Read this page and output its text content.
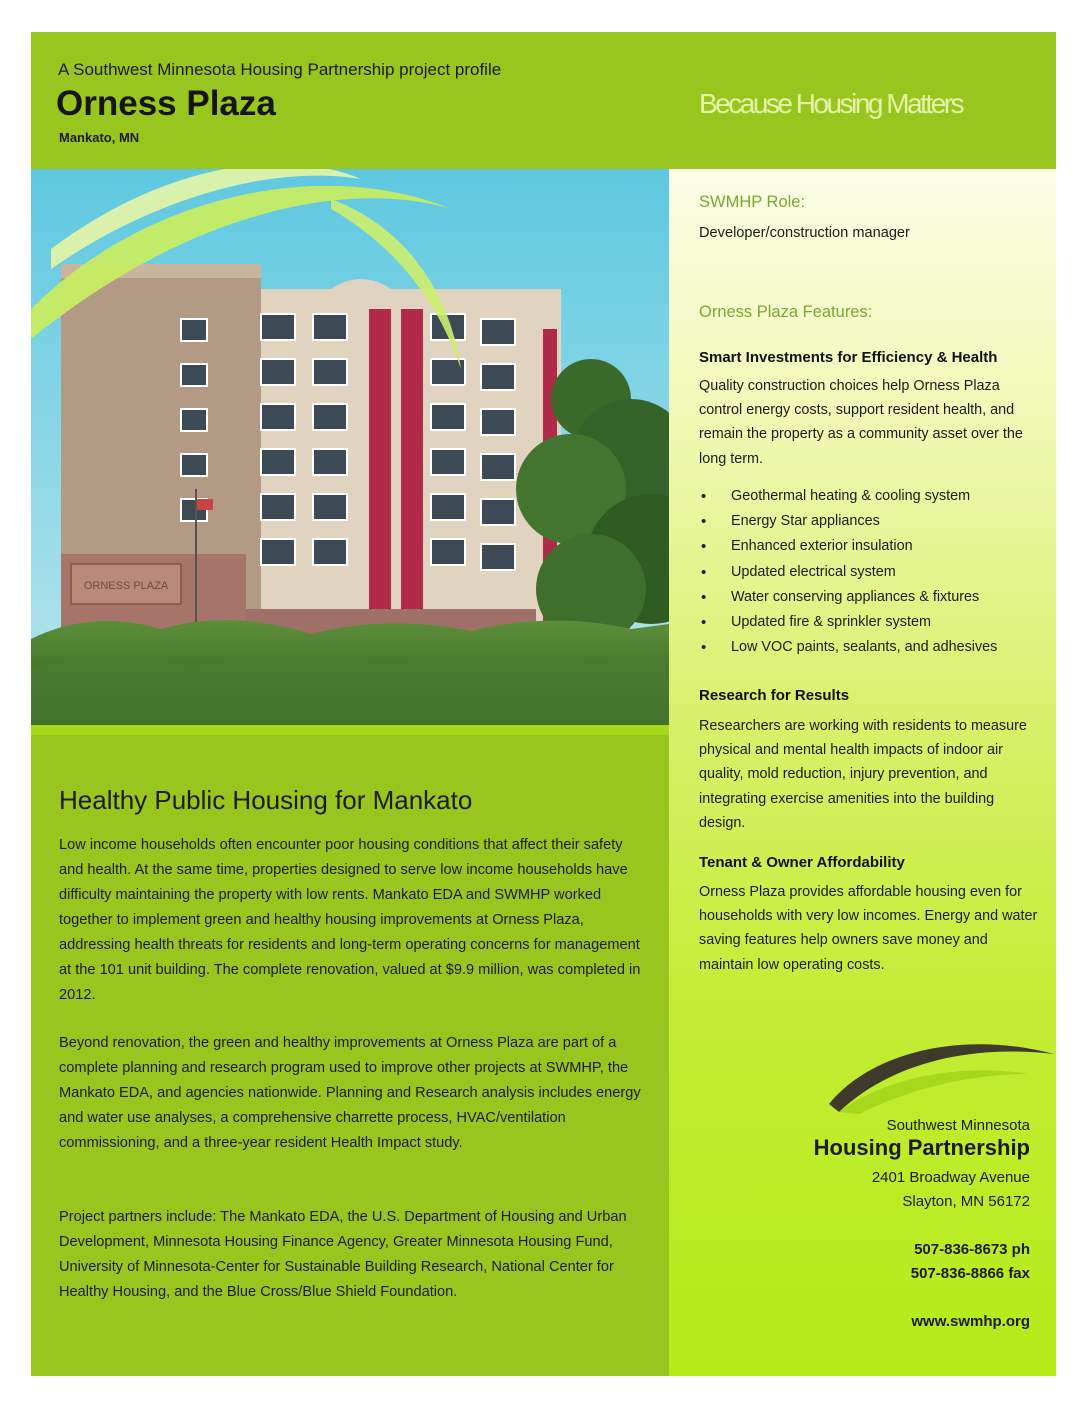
A Southwest Minnesota Housing Partnership project profile
Orness Plaza
Mankato, MN
Because Housing Matters
ORNESS PLAZA
Healthy Public Housing for Mankato

Low income households often encounter poor housing conditions that affect their safety and health. At the same time, properties designed to serve low income households have difficulty maintaining the property with low rents. Mankato EDA and SWMHP worked together to implement green and healthy housing improvements at Orness Plaza, addressing health threats for residents and long-term operating concerns for management at the 101 unit building. The complete renovation, valued at $9.9 million, was completed in 2012.

Beyond renovation, the green and healthy improvements at Orness Plaza are part of a complete planning and research program used to improve other projects at SWMHP, the Mankato EDA, and agencies nationwide. Planning and Research analysis includes energy and water use analyses, a comprehensive charrette process, HVAC/ventilation commissioning, and a three-year resident Health Impact study.

Project partners include: The Mankato EDA, the U.S. Department of Housing and Urban Development, Minnesota Housing Finance Agency, Greater Minnesota Housing Fund, University of Minnesota-Center for Sustainable Building Research, National Center for Healthy Housing, and the Blue Cross/Blue Shield Foundation.

SWMHP Role:
Developer/construction manager
Orness Plaza Features:
Smart Investments for Efficiency & Health

Quality construction choices help Orness Plaza control energy costs, support resident health, and remain the property as a community asset over the long term.

• Geothermal heating & cooling system
• Energy Star appliances
• Enhanced exterior insulation
• Updated electrical system
• Water conserving appliances & fixtures
• Updated fire & sprinkler system
• Low VOC paints, sealants, and adhesives
Research for Results

Researchers are working with residents to measure physical and mental health impacts of indoor air quality, mold reduction, injury prevention, and integrating exercise amenities into the building design.

Tenant & Owner Affordability

Orness Plaza provides affordable housing even for households with very low incomes. Energy and water saving features help owners save money and maintain low operating costs.

Southwest Minnesota
Housing Partnership
2401 Broadway Avenue
Slayton, MN 56172
507-836-8673 ph
507-836-8866 fax
www.swmhp.org
